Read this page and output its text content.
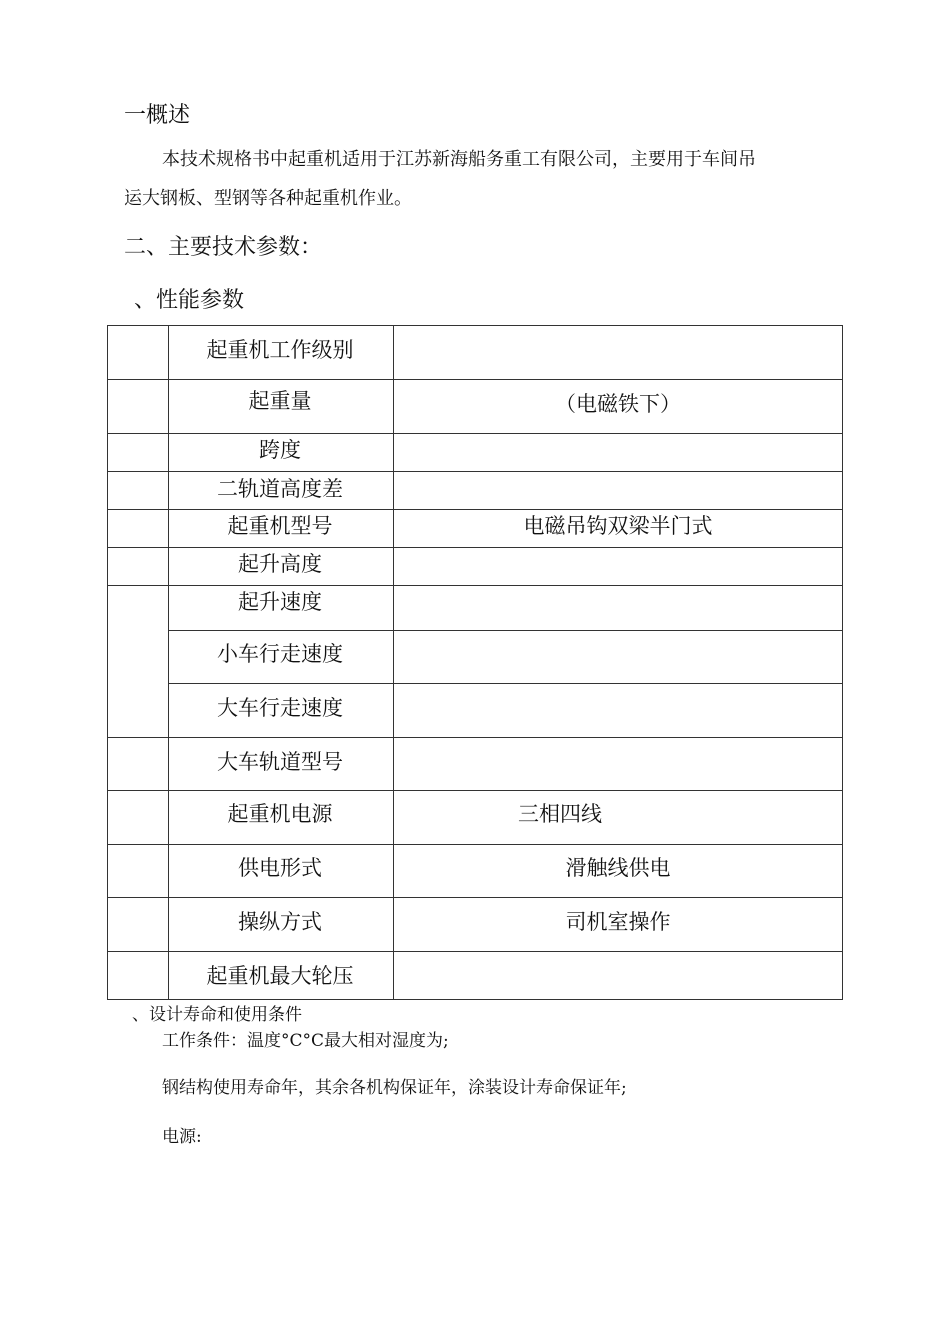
一概述
本技术规格书中起重机适用于江苏新海船务重工有限公司，主要用于车间吊
运大钢板、型钢等各种起重机作业。
二、主要技术参数：
、性能参数
起重机工作级别
起重量	（电磁铁下）
跨度
二轨道高度差
起重机型号	电磁吊钩双梁半门式
起升高度
起升速度
小车行走速度
大车行走速度
大车轨道型号
起重机电源	三相四线
供电形式	滑触线供电
操纵方式	司机室操作
起重机最大轮压
、设计寿命和使用条件
工作条件：温度°C°C最大相对湿度为;
钢结构使用寿命年，其余各机构保证年，涂装设计寿命保证年;
电源:
